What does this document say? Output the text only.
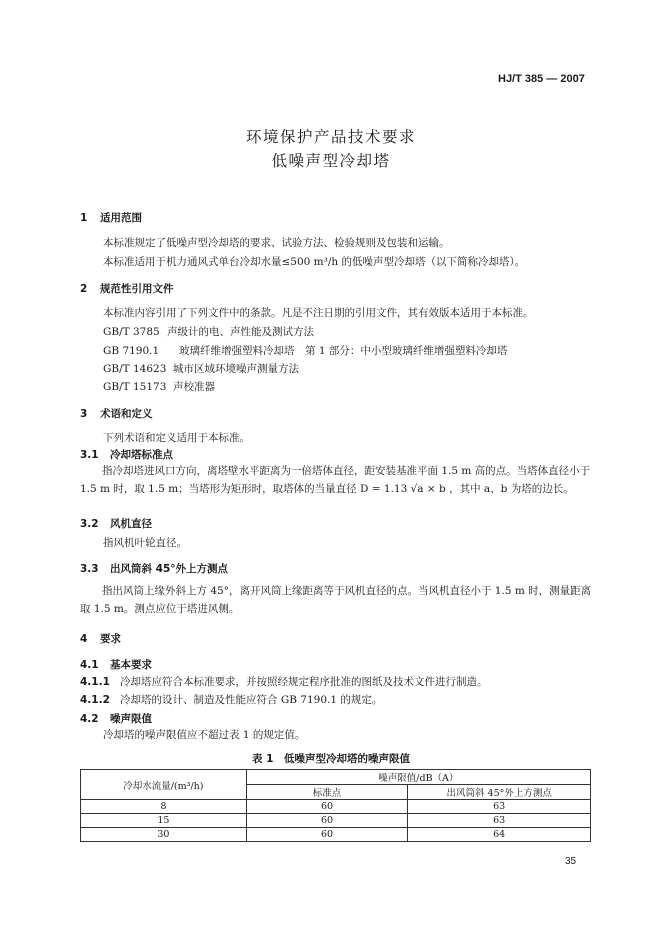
HJ/T 385 — 2007
环境保护产品技术要求
低噪声型冷却塔
1 适用范围
本标准规定了低噪声型冷却塔的要求、试验方法、检验规则及包装和运输。
本标准适用于机力通风式单台冷却水量≤500 m³/h 的低噪声型冷却塔（以下简称冷却塔）。
2 规范性引用文件
本标准内容引用了下列文件中的条款。凡是不注日期的引用文件，其有效版本适用于本标准。
GB/T 3785 声级计的电、声性能及测试方法
GB 7190.1 玻璃纤维增强塑料冷却塔　第 1 部分：中小型玻璃纤维增强塑料冷却塔
GB/T 14623 城市区域环境噪声测量方法
GB/T 15173 声校准器
3 术语和定义
下列术语和定义适用于本标准。
3.1 冷却塔标准点
指冷却塔进风口方向，离塔壁水平距离为一倍塔体直径，距安装基准平面 1.5 m 高的点。当塔体直径小于 1.5 m 时，取 1.5 m；当塔形为矩形时，取塔体的当量直径 D = 1.13 √a × b ，其中 a、b 为塔的边长。
3.2 风机直径
指风机叶轮直径。
3.3 出风筒斜 45°外上方测点
指出风筒上缘外斜上方 45°，离开风筒上缘距离等于风机直径的点。当风机直径小于 1.5 m 时，测量距离取 1.5 m。测点应位于塔进风侧。
4 要求
4.1 基本要求
4.1.1 冷却塔应符合本标准要求，并按照经规定程序批准的图纸及技术文件进行制造。
4.1.2 冷却塔的设计、制造及性能应符合 GB 7190.1 的规定。
4.2 噪声限值
冷却塔的噪声限值应不超过表 1 的规定值。
表 1　低噪声型冷却塔的噪声限值
冷却水流量/(m³/h)	噪声限值/dB（A）	
	标准点	出风筒斜 45°外上方测点
8	60	63
15	60	63
30	60	64
35
